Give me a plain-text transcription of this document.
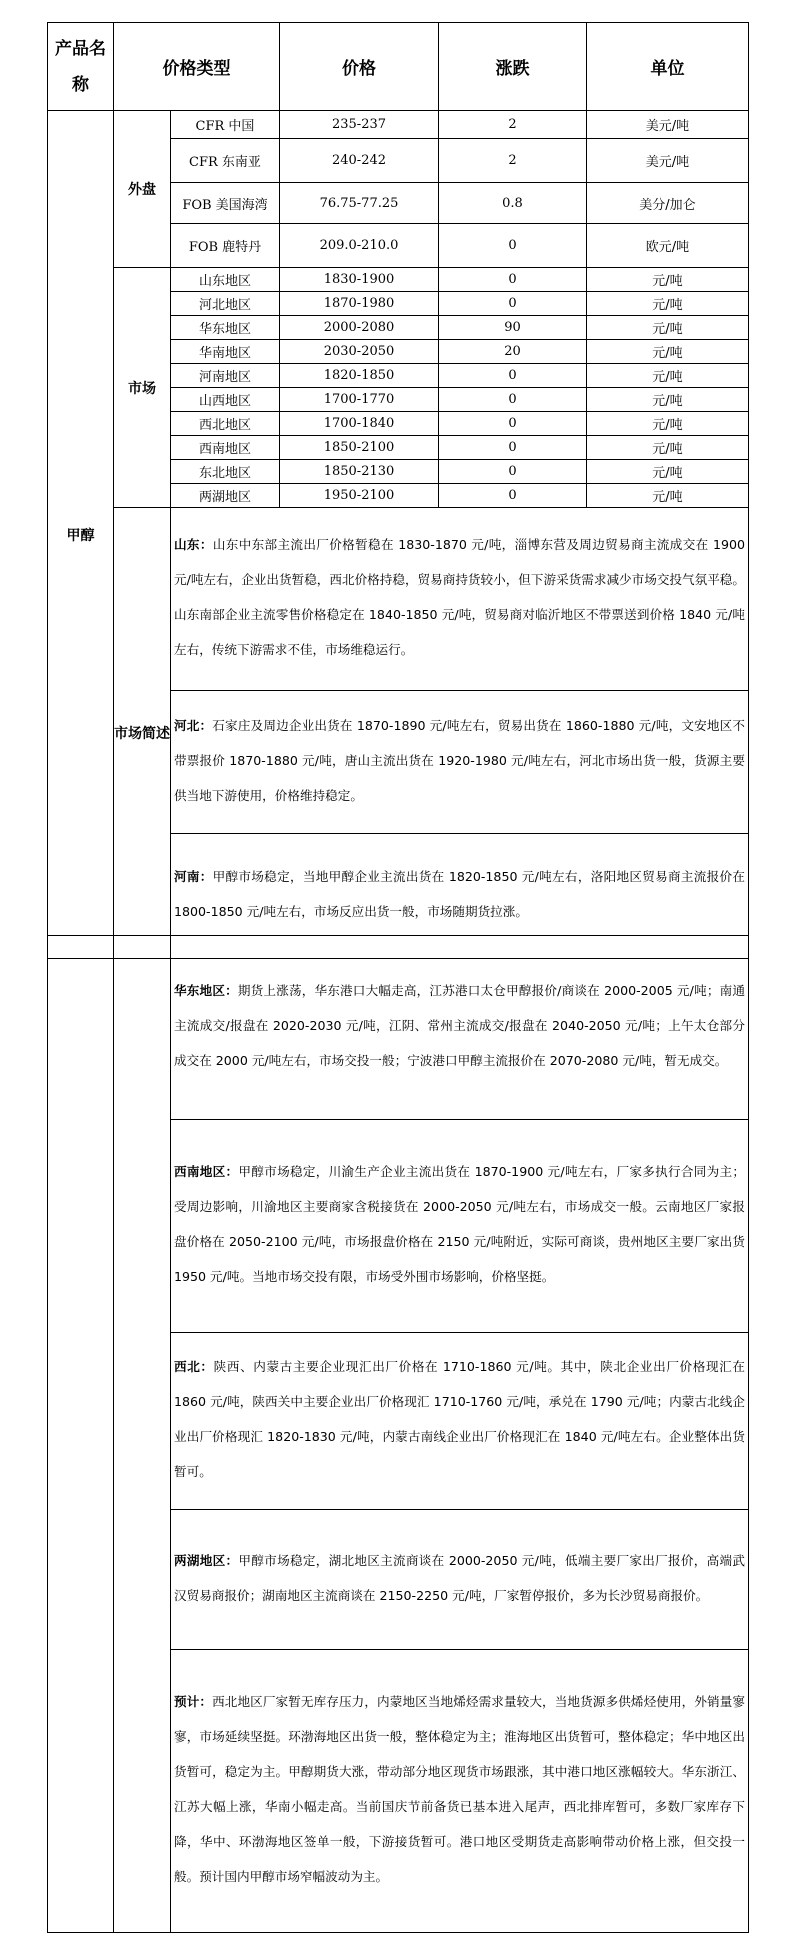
产品名称	价格类型		价格	涨跌	单位
甲醇	外盘	CFR 中国	235-237	2	美元/吨
		CFR 东南亚	240-242	2	美元/吨
		FOB 美国海湾	76.75-77.25	0.8	美分/加仑
		FOB 鹿特丹	209.0-210.0	0	欧元/吨
	市场	山东地区	1830-1900	0	元/吨
		河北地区	1870-1980	0	元/吨
		华东地区	2000-2080	90	元/吨
		华南地区	2030-2050	20	元/吨
		河南地区	1820-1850	0	元/吨
		山西地区	1700-1770	0	元/吨
		西北地区	1700-1840	0	元/吨
		西南地区	1850-2100	0	元/吨
		东北地区	1850-2130	0	元/吨
		两湖地区	1950-2100	0	元/吨
	市场简述	山东：山东中东部主流出厂价格暂稳在 1830-1870 元/吨，淄博东营及周边贸易商主流成交在 1900 元/吨左右，企业出货暂稳，西北价格持稳，贸易商持货较小，但下游采货需求减少市场交投气氛平稳。山东南部企业主流零售价格稳定在 1840-1850 元/吨，贸易商对临沂地区不带票送到价格 1840 元/吨左右，传统下游需求不佳，市场维稳运行。			
		河北：石家庄及周边企业出货在 1870-1890 元/吨左右，贸易出货在 1860-1880 元/吨，文安地区不带票报价 1870-1880 元/吨，唐山主流出货在 1920-1980 元/吨左右，河北市场出货一般，货源主要供当地下游使用，价格维持稳定。			
		河南：甲醇市场稳定，当地甲醇企业主流出货在 1820-1850 元/吨左右，洛阳地区贸易商主流报价在 1800-1850 元/吨左右，市场反应出货一般，市场随期货拉涨。			
		华东地区：期货上涨荡，华东港口大幅走高，江苏港口太仓甲醇报价/商谈在 2000-2005 元/吨；南通主流成交/报盘在 2020-2030 元/吨，江阴、常州主流成交/报盘在 2040-2050 元/吨；上午太仓部分成交在 2000 元/吨左右，市场交投一般；宁波港口甲醇主流报价在 2070-2080 元/吨，暂无成交。
西南地区：甲醇市场稳定，川渝生产企业主流出货在 1870-1900 元/吨左右，厂家多执行合同为主；受周边影响，川渝地区主要商家含税接货在 2000-2050 元/吨左右，市场成交一般。云南地区厂家报盘价格在 2050-2100 元/吨，市场报盘价格在 2150 元/吨附近，实际可商谈，贵州地区主要厂家出货 1950 元/吨。当地市场交投有限，市场受外围市场影响，价格坚挺。
西北：陕西、内蒙古主要企业现汇出厂价格在 1710-1860 元/吨。其中，陕北企业出厂价格现汇在 1860 元/吨，陕西关中主要企业出厂价格现汇 1710-1760 元/吨，承兑在 1790 元/吨；内蒙古北线企业出厂价格现汇 1820-1830 元/吨，内蒙古南线企业出厂价格现汇在 1840 元/吨左右。企业整体出货暂可。
两湖地区：甲醇市场稳定，湖北地区主流商谈在 2000-2050 元/吨，低端主要厂家出厂报价，高端武汉贸易商报价；湖南地区主流商谈在 2150-2250 元/吨，厂家暂停报价，多为长沙贸易商报价。
预计：西北地区厂家暂无库存压力，内蒙地区当地烯烃需求量较大，当地货源多供烯烃使用，外销量寥寥，市场延续坚挺。环渤海地区出货一般，整体稳定为主；淮海地区出货暂可，整体稳定；华中地区出货暂可，稳定为主。甲醇期货大涨，带动部分地区现货市场跟涨，其中港口地区涨幅较大。华东浙江、江苏大幅上涨，华南小幅走高。当前国庆节前备货已基本进入尾声，西北排库暂可，多数厂家库存下降，华中、环渤海地区签单一般，下游接货暂可。港口地区受期货走高影响带动价格上涨，但交投一般。预计国内甲醇市场窄幅波动为主。
